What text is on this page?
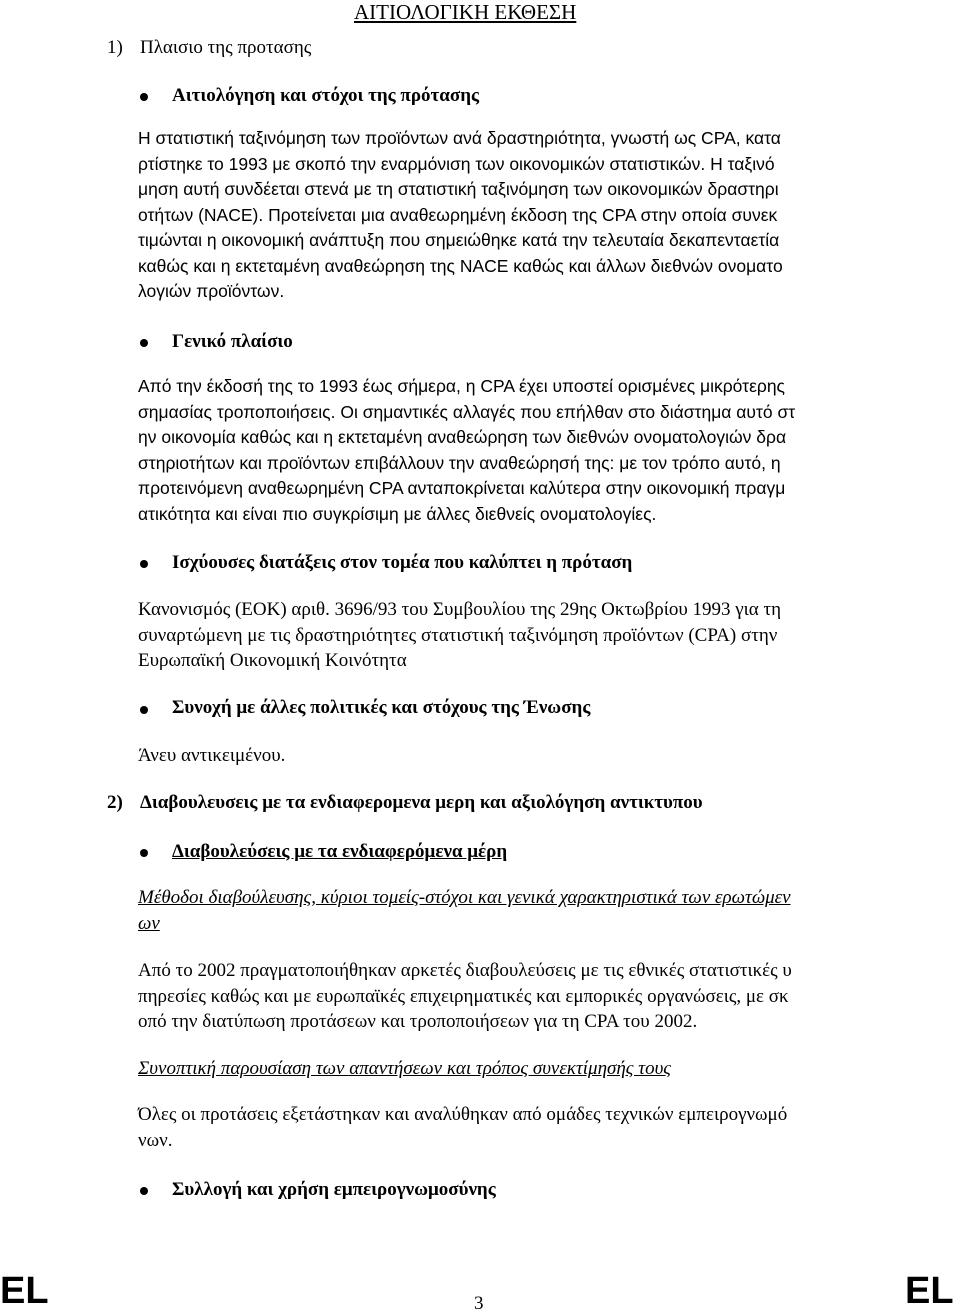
ΑΙΤΙΟΛΟΓΙΚΗ ΕΚΘΕΣΗ
1) Πλαισιο της προτασης
Αιτιολόγηση και στόχοι της πρότασης
Η στατιστική ταξινόμηση των προϊόντων ανά δραστηριότητα, γνωστή ως CPA, κατα
ρτίστηκε το 1993 με σκοπό την εναρμόνιση των οικονομικών στατιστικών. Η ταξινό
μηση αυτή συνδέεται στενά με τη στατιστική ταξινόμηση των οικονομικών δραστηρι
οτήτων (NACE). Προτείνεται μια αναθεωρημένη έκδοση της CPA στην οποία συνεκ
τιμώνται η οικονομική ανάπτυξη που σημειώθηκε κατά την τελευταία δεκαπενταετία
καθώς και η εκτεταμένη αναθεώρηση της NACE καθώς και άλλων διεθνών ονοματο
λογιών προϊόντων.
Γενικό πλαίσιο
Από την έκδοσή της το 1993 έως σήμερα, η CPA έχει υποστεί ορισμένες μικρότερης
σημασίας τροποποιήσεις. Οι σημαντικές αλλαγές που επήλθαν στο διάστημα αυτό στ
ην οικονομία καθώς και η εκτεταμένη αναθεώρηση των διεθνών ονοματολογιών δρα
στηριοτήτων και προϊόντων επιβάλλουν την αναθεώρησή της: με τον τρόπο αυτό, η
προτεινόμενη αναθεωρημένη CPA ανταποκρίνεται καλύτερα στην οικονομική πραγμ
ατικότητα και είναι πιο συγκρίσιμη με άλλες διεθνείς ονοματολογίες.
Ισχύουσες διατάξεις στον τομέα που καλύπτει η πρόταση
Κανονισμός (ΕΟΚ) αριθ. 3696/93 του Συμβουλίου της 29ης Οκτωβρίου 1993 για τη
συναρτώμενη με τις δραστηριότητες στατιστική ταξινόμηση προϊόντων (CPA) στην
Ευρωπαϊκή Οικονομική Κοινότητα
Συνοχή με άλλες πολιτικές και στόχους της Ένωσης
Άνευ αντικειμένου.
2) Διαβουλευσεις με τα ενδιαφερομενα μερη και αξιολόγηση αντικτυπου
Διαβουλεύσεις με τα ενδιαφερόμενα μέρη
Μέθοδοι διαβούλευσης, κύριοι τομείς-στόχοι και γενικά χαρακτηριστικά των ερωτώμεν
ων
Από το 2002 πραγματοποιήθηκαν αρκετές διαβουλεύσεις με τις εθνικές στατιστικές υ
πηρεσίες καθώς και με ευρωπαϊκές επιχειρηματικές και εμπορικές οργανώσεις, με σκ
οπό την διατύπωση προτάσεων και τροποποιήσεων για τη CPA του 2002.
Συνοπτική παρουσίαση των απαντήσεων και τρόπος συνεκτίμησής τους
Όλες οι προτάσεις εξετάστηκαν και αναλύθηκαν από ομάδες τεχνικών εμπειρογνωμό
νων.
Συλλογή και χρήση εμπειρογνωμοσύνης
EL	3	EL
